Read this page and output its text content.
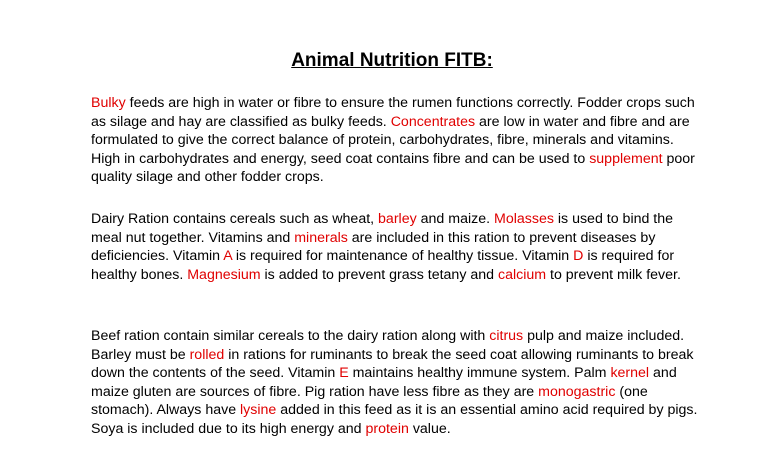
Animal Nutrition FITB:

Bulky feeds are high in water or fibre to ensure the rumen functions correctly. Fodder crops such as silage and hay are classified as bulky feeds. Concentrates are low in water and fibre and are formulated to give the correct balance of protein, carbohydrates, fibre, minerals and vitamins. High in carbohydrates and energy, seed coat contains fibre and can be used to supplement poor quality silage and other fodder crops.

Dairy Ration contains cereals such as wheat, barley and maize. Molasses is used to bind the meal nut together. Vitamins and minerals are included in this ration to prevent diseases by deficiencies. Vitamin A is required for maintenance of healthy tissue. Vitamin D is required for healthy bones. Magnesium is added to prevent grass tetany and calcium to prevent milk fever.

Beef ration contain similar cereals to the dairy ration along with citrus pulp and maize included. Barley must be rolled in rations for ruminants to break the seed coat allowing ruminants to break down the contents of the seed. Vitamin E maintains healthy immune system. Palm kernel and maize gluten are sources of fibre. Pig ration have less fibre as they are monogastric (one stomach). Always have lysine added in this feed as it is an essential amino acid required by pigs. Soya is included due to its high energy and protein value.
